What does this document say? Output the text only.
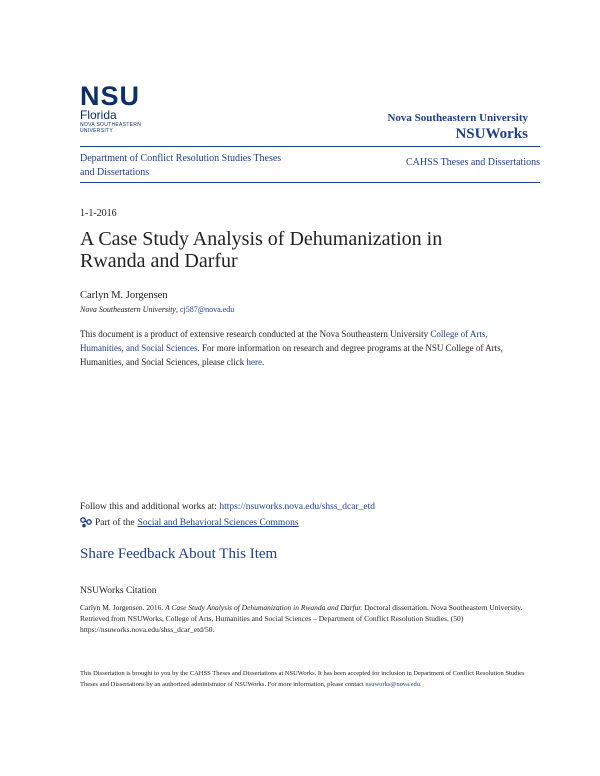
NSU
Florida
NOVA SOUTHEASTERN
UNIVERSITY
Nova Southeastern University
NSUWorks
Department of Conflict Resolution Studies Theses
and Dissertations
CAHSS Theses and Dissertations
1-1-2016
A Case Study Analysis of Dehumanization in
Rwanda and Darfur
Carlyn M. Jorgensen
Nova Southeastern University, cj587@nova.edu
This document is a product of extensive research conducted at the Nova Southeastern University College of Arts, Humanities, and Social Sciences. For more information on research and degree programs at the NSU College of Arts, Humanities, and Social Sciences, please click here.
Follow this and additional works at: https://nsuworks.nova.edu/shss_dcar_etd
Part of the Social and Behavioral Sciences Commons
Share Feedback About This Item
NSUWorks Citation
Carlyn M. Jorgensen. 2016. A Case Study Analysis of Dehumanization in Rwanda and Darfur. Doctoral dissertation. Nova Southeastern University. Retrieved from NSUWorks, College of Arts, Humanities and Social Sciences – Department of Conflict Resolution Studies. (50)
https://nsuworks.nova.edu/shss_dcar_etd/50.
This Dissertation is brought to you by the CAHSS Theses and Dissertations at NSUWorks. It has been accepted for inclusion in Department of Conflict Resolution Studies Theses and Dissertations by an authorized administrator of NSUWorks. For more information, please contact nsuworks@nova.edu.
